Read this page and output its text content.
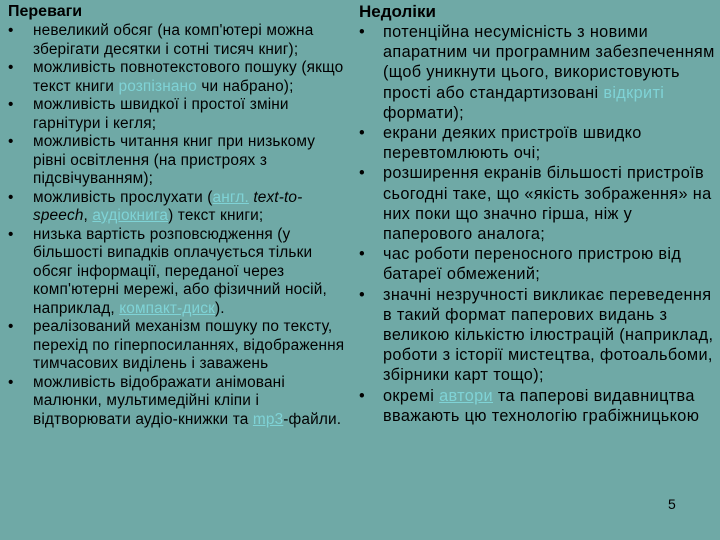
Переваги
• невеликий обсяг (на комп'ютері можна зберігати десятки і сотні тисяч книг);
• можливість повнотекстового пошуку (якщо текст книги розпізнано чи набрано);
• можливість швидкої і простої зміни гарнітури і кегля;
• можливість читання книг при низькому рівні освітлення (на пристроях з підсвічуванням);
• можливість прослухати (англ. text-to-speech, аудіокнига) текст книги;
• низька вартість розповсюдження (у більшості випадків оплачується тільки обсяг інформації, переданої через комп'ютерні мережі, або фізичний носій, наприклад, компакт-диск).
• реалізований механізм пошуку по тексту, перехід по гіперпосиланнях, відображення тимчасових виділень і заважень
• можливість відображати анімовані малюнки, мультимедійні кліпи і відтворювати аудіо-книжки та mp3-файли.
Недоліки
• потенційна несумісність з новими апаратним чи програмним забезпеченням (щоб уникнути цього, використовують прості або стандартизовані відкриті формати);
• екрани деяких пристроїв швидко перевтомлюють очі;
• розширення екранів більшості пристроїв сьогодні таке, що «якість зображення» на них поки що значно гірша, ніж у паперового аналога;
• час роботи переносного пристрою від батареї обмежений;
• значні незручності викликає переведення в такий формат паперових видань з великою кількістю ілюстрацій (наприклад, роботи з історії мистецтва, фотоальбоми, збірники карт тощо);
• окремі автори та паперові видавництва вважають цю технологію грабіжницькою
5
